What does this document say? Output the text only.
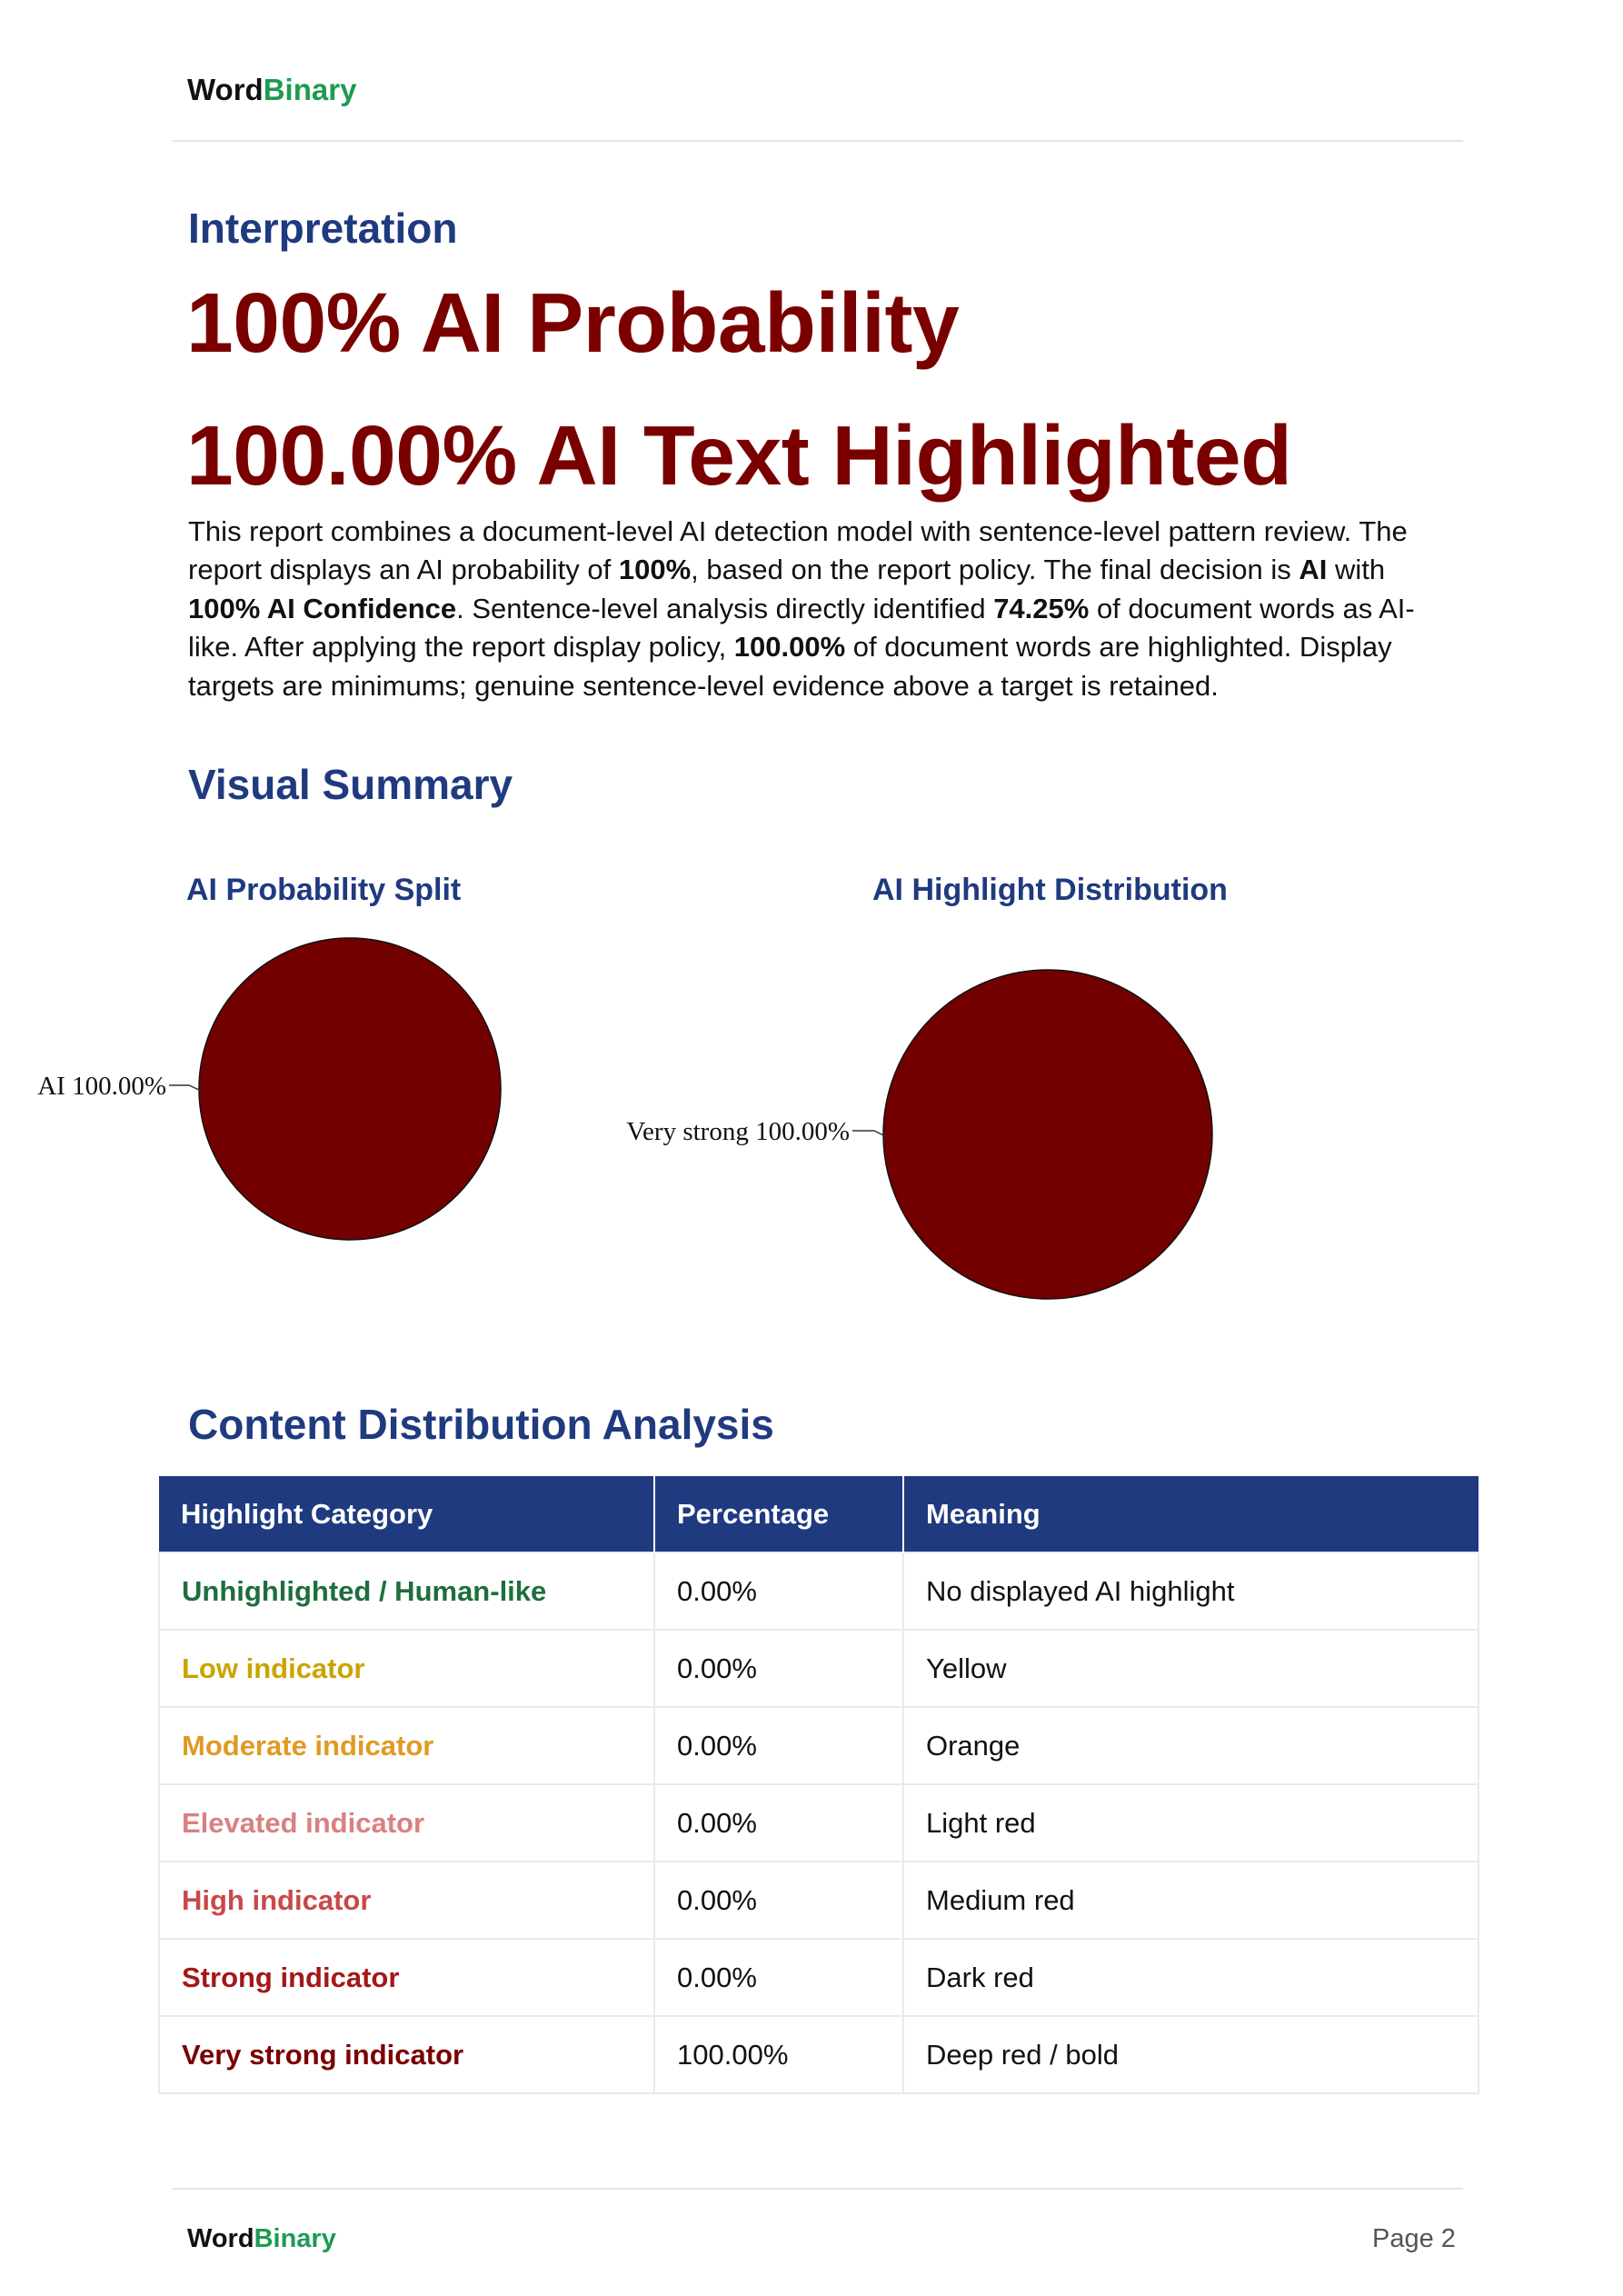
WordBinary
Interpretation
100% AI Probability
100.00% AI Text Highlighted

This report combines a document-level AI detection model with sentence-level pattern review. The report displays an AI probability of 100%, based on the report policy. The final decision is AI with 100% AI Confidence. Sentence-level analysis directly identified 74.25% of document words as AI-like. After applying the report display policy, 100.00% of document words are highlighted. Display targets are minimums; genuine sentence-level evidence above a target is retained.

Visual Summary
AI Probability Split	AI Highlight Distribution
AI 100.00%
Very strong 100.00%
Content Distribution Analysis
Highlight Category	Percentage	Meaning
Unhighlighted / Human-like	0.00%	No displayed AI highlight
Low indicator	0.00%	Yellow
Moderate indicator	0.00%	Orange
Elevated indicator	0.00%	Light red
High indicator	0.00%	Medium red
Strong indicator	0.00%	Dark red
Very strong indicator	100.00%	Deep red / bold
WordBinary	Page 2
